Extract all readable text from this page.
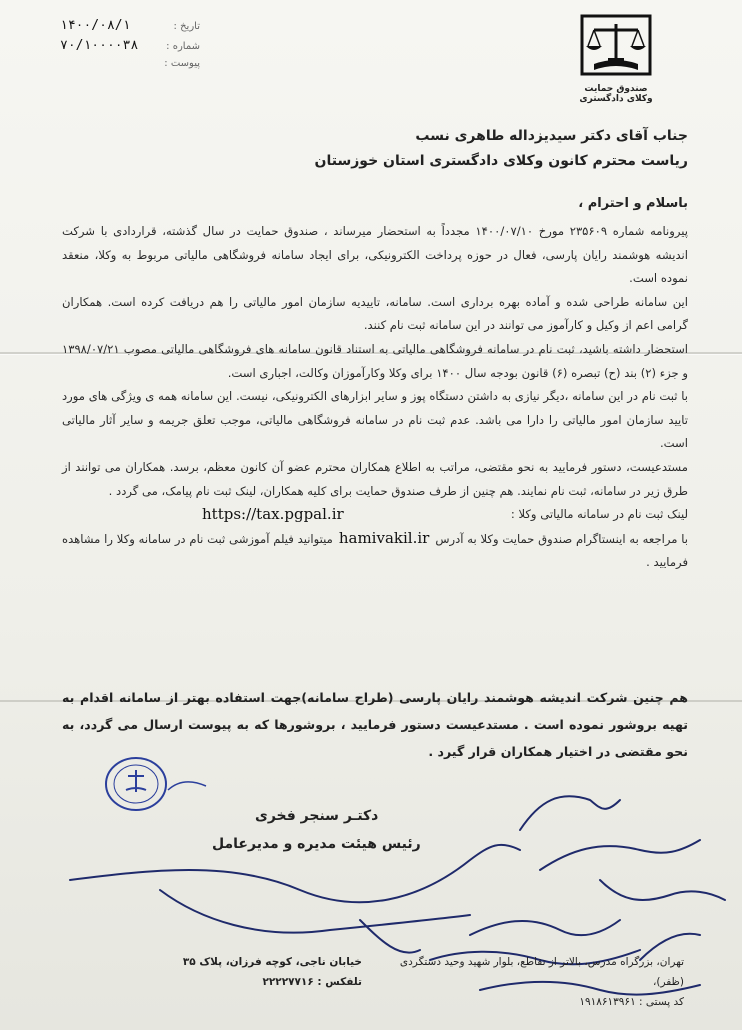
تاریخ :
۱۴۰۰/۰۸/۱
شماره :
۷۰/۱۰۰۰۰۳۸
پیوست :
صندوق حمایت وکلای دادگستری
جناب آقای دکتر سیدیزداله طاهری نسب
ریاست محترم کانون وکلای دادگستری استان خوزستان
باسلام و احترام ،

پیرونامه شماره ۲۳۵۶۰۹ مورخ ۱۴۰۰/۰۷/۱۰ مجدداً به استحضار میرساند ، صندوق حمایت در سال گذشته، قراردادی با شرکت اندیشه هوشمند رایان پارسی، فعال در حوزه پرداخت الکترونیکی، برای ایجاد سامانه فروشگاهی مالیاتی مربوط به وکلا، منعقد نموده است.

این سامانه طراحی شده و آماده بهره برداری است. سامانه، تاییدیه سازمان امور مالیاتی را هم دریافت کرده است. همکاران گرامی اعم از وکیل و کارآموز می توانند در این سامانه ثبت نام کنند.

استحضار داشته باشید، ثبت نام در سامانه فروشگاهی مالیاتی به استناد قانون سامانه های فروشگاهی مالیاتی مصوب ۱۳۹۸/۰۷/۲۱ و جزء (۲) بند (ح) تبصره (۶) قانون بودجه سال ۱۴۰۰ برای وکلا وکارآموزان وکالت، اجباری است.

با ثبت نام در این سامانه ،دیگر نیازی به داشتن دستگاه پوز و سایر ابزارهای الکترونیکی، نیست. این سامانه همه ی ویژگی های مورد تایید سازمان امور مالیاتی را دارا می باشد. عدم ثبت نام در سامانه فروشگاهی مالیاتی، موجب تعلق جریمه و سایر آثار مالیاتی است.

مستدعیست، دستور فرمایید به نحو مقتضی، مراتب به اطلاع همکاران محترم عضو آن کانون معظم، برسد. همکاران می توانند از طرق زیر در سامانه، ثبت نام نمایند. هم چنین از طرف صندوق حمایت برای کلیه همکاران، لینک ثبت نام پیامک، می گردد .

لینک ثبت نام در سامانه مالیاتی وکلا :
https://tax.pgpal.ir

با مراجعه به اینستاگرام صندوق حمایت وکلا به آدرسhamivakil.irمیتوانید فیلم آموزشی ثبت نام در سامانه وکلا را مشاهده فرمایید .

هم چنین شرکت اندیشه هوشمند رایان پارسی (طراح سامانه)جهت استفاده بهتر از سامانه اقدام به تهیه بروشور نموده است . مستدعیست دستور فرمایید ، بروشورها که به پیوست ارسال می گردد، به نحو مقتضی در اختیار همکاران قرار گیرد .

دکتـر سنجر فخری
رئیس هیئت مدیره و مدیرعامل
تهران، بزرگراه مدرس، بالاتر از تقاطع، بلوار شهید وحید دستگردی (ظفر)،
کد پستی : ۱۹۱۸۶۱۳۹۶۱
خیابان ناجی، کوچه فرزان، پلاک ۳۵
تلفکس : ۲۲۲۲۷۷۱۶
